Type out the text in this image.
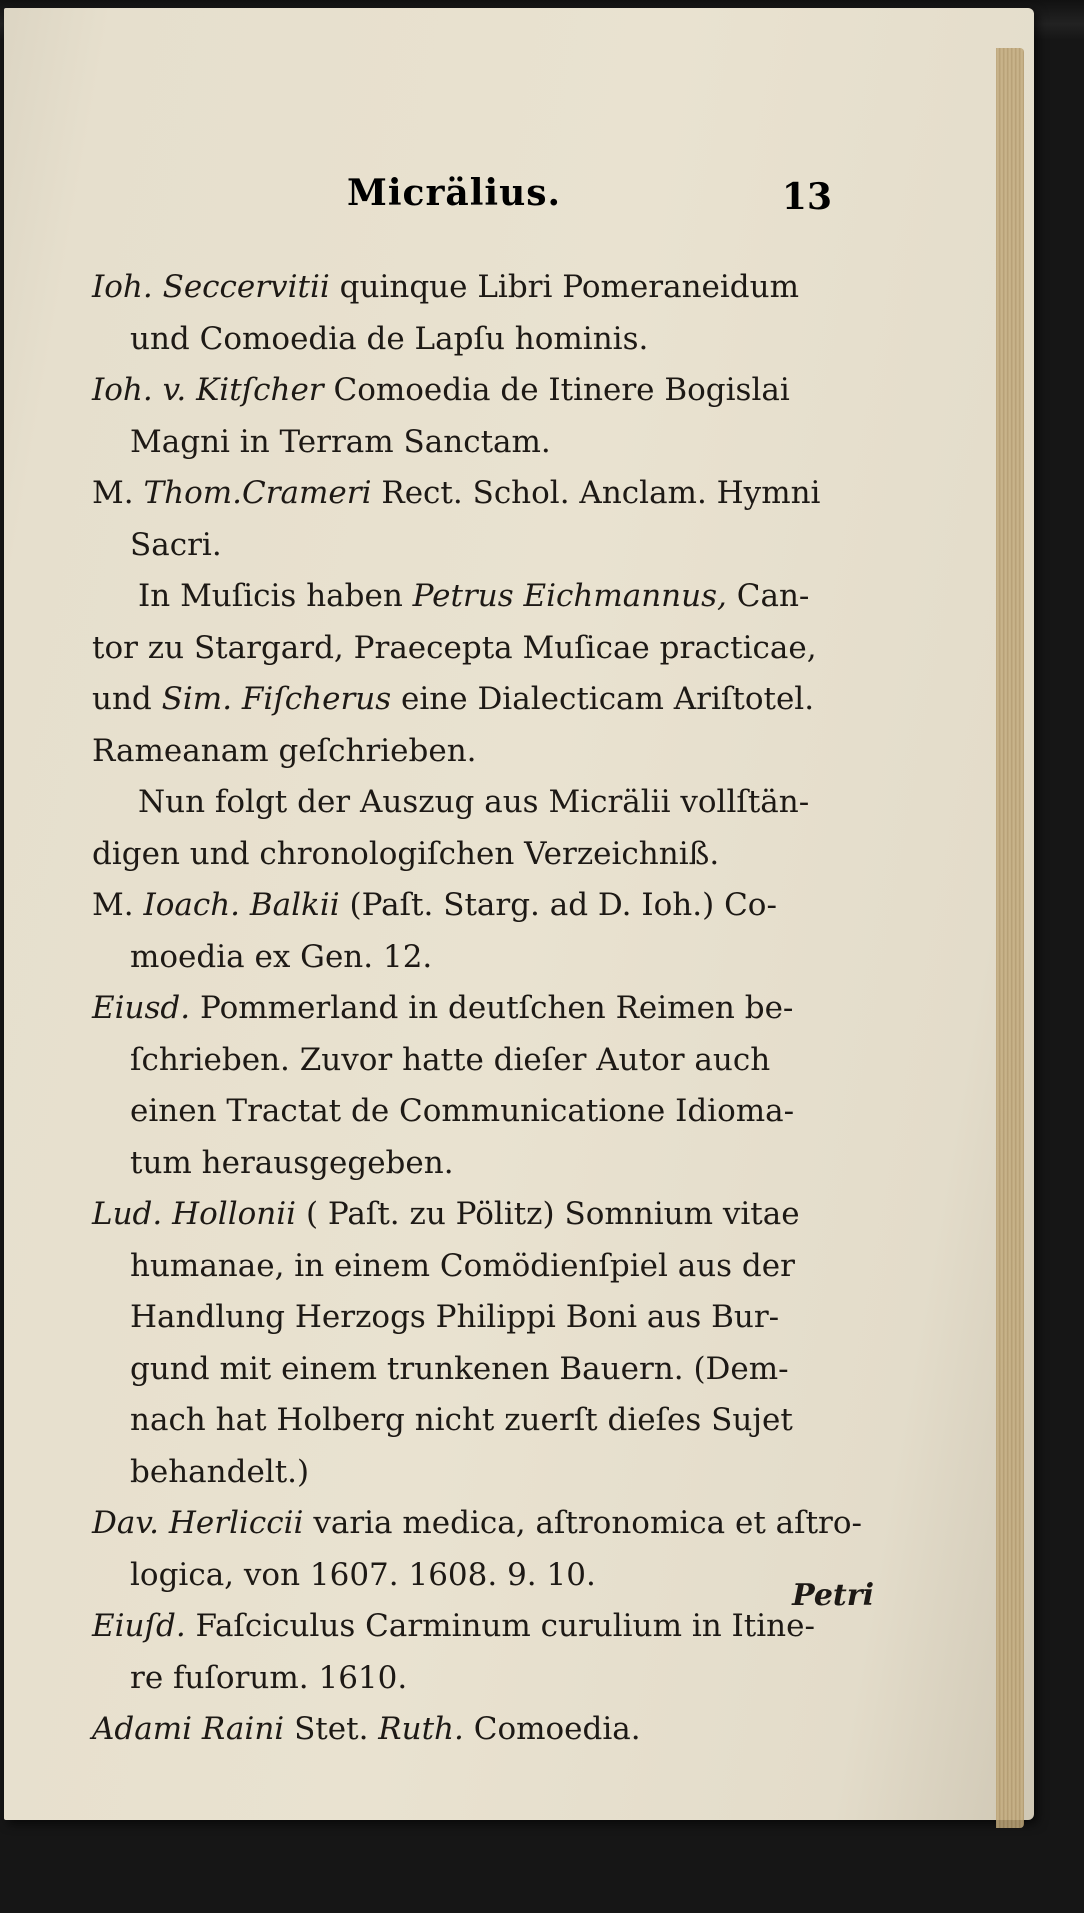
Micrälius.	13
Ioh. Seccervitii quinque Libri Pomeraneidum
und Comoedia de Lapſu hominis.
Ioh. v. Kitſcher Comoedia de Itinere Bogislai
Magni in Terram Sanctam.
M. Thom.Crameri Rect. Schol. Anclam. Hymni
Sacri.
In Muſicis haben Petrus Eichmannus, Can-
tor zu Stargard, Praecepta Muſicae practicae,
und Sim. Fiſcherus eine Dialecticam Ariſtotel.
Rameanam geſchrieben.
Nun folgt der Auszug aus Micrälii vollſtän-
digen und chronologiſchen Verzeichniß.
M. Ioach. Balkii (Paſt. Starg. ad D. Ioh.) Co-
moedia ex Gen. 12.
Eiusd. Pommerland in deutſchen Reimen be-
ſchrieben. Zuvor hatte dieſer Autor auch
einen Tractat de Communicatione Idioma-
tum herausgegeben.
Lud. Hollonii ( Paſt. zu Pölitz) Somnium vitae
humanae, in einem Comödienſpiel aus der
Handlung Herzogs Philippi Boni aus Bur-
gund mit einem trunkenen Bauern. (Dem-
nach hat Holberg nicht zuerſt dieſes Sujet
behandelt.)
Dav. Herliccii varia medica, aſtronomica et aſtro-
logica, von 1607. 1608. 9. 10.
Eiuſd. Faſciculus Carminum curulium in Itine-
re fuſorum. 1610.
Adami Raini Stet. Ruth. Comoedia.
Petri
